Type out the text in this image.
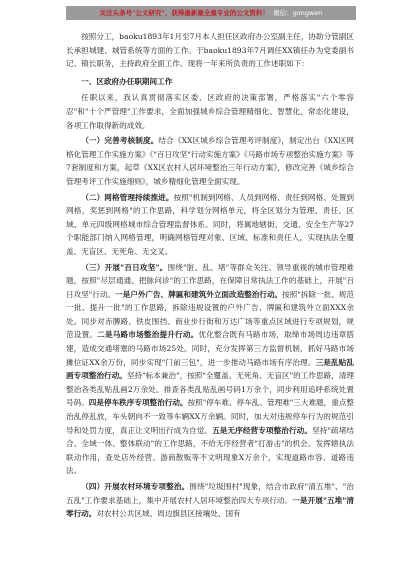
关注头条号"公文研究"，获得最新最全最专业的公文资料！ 微信：gongwen

按照分工，baoku1893年1月至7月本人担任区政府办公室副主任，协助分管副区长承担城建、城管系统等方面的工作。于baoku1893年7月调任XX镇任办为党委副书记、镇长职务，主持政府全面工作。现将一年来所负责的工作述职如下：

一、区政府办任职期间工作

任职以来，我认真贯彻落实区委、区政府的决策部署，严格落实"六个零容忍"和"十个严管理"工作要求，全面加强城乡综合管理精细化、智慧化、常态化建设，各项工作取得新的成效。

（一）完善考核制度。结合《XX区城乡综合管理考评制度》，制定出台《XX区网格化管理工作实施方案》《"百日攻坚"行动实施方案》《马路市场专项整治实施方案》等7套制度和方案，起草《XX区农村人居环境整治三年行动方案》，修改完善《城乡综合管理考评工作实施细则》，城乡精细化管理全面实现。

（二）网格管理持续推进。按照"机制到网格、人员到网格、责任到网格、处置到网格，奖惩到网格"的工作思路，科学划分网格单元，将全区划分为管理、责任、区域、单元四级网格城市综合管理监督体系。同时，将属地辖街、交通、安全生产等27个职能部门纳入网格管理，明确网格管理对象、区域、标准和责任人，实现执法全覆盖、无盲区、无死角、无交叉。

（三）开展"百日攻坚"。围绕"脏、乱、堵"等群众关注、领导重视的城市管理难题，按照"尽层通通、把脉问诊"的工作思路，在保障日常执法工作的基础上，开展"百日攻坚"行动。一是户外广告、牌匾和建筑外立面改造整治行动。按照"拆除一批、规范一批、提升一批"的工作思路，拆除违规设置的户外广告、牌匾和建筑外立面XXX余处。同步对赤膊路、铁皮围挡、商业步行街和万达广场等重点区域进行专项规划，规范设置。二是马路市场整治提升行动。优化整合既有马路市场，取缔市场周边违章搭建，造成交通堵塞的马路市场25处。同时，充分发挥第三方监督机制，抓好马路市场摊位证XX余万份，同步实现"门前三包"，进一步推动马路市场有序治理。三是乱贴乱画专项整治行动。坚持"标本兼治"，按照"全覆盖、无死角、无盲区"的工作思路，清理整治各类乱贴乱画2万余处。排查各类乱贴乱画号码1万余个，同步利用追呼系统处置号码。四是停车秩序专项整治行动。按照"停车难、停车乱、管理难"三大难题，重点整治乱停乱放，车头朝向不一致等车辆XX万余辆。同时，加大对违规停车行为的规范引导和处罚力度，真正让文明出行成为自觉。五是无序经营专项整治行动。坚持"疏堵结合、全域一体、整体联动"的工作思路，不给无序经营者"打游击"的机会。发挥辖执法联动作用，查处店外经营、游商散贩等不文明现象X万余个，实现道路市容、道路违法。

（四）开展农村环境专项整治。围绕"垃圾围村"现象，结合市政府"清五堆"、"治五乱"工作要求基础上，集中开展农村人居环境整治四大专项行动。一是开展"五堆"清零行动。对农村公共区域、周边旗县区接壤处、国有
